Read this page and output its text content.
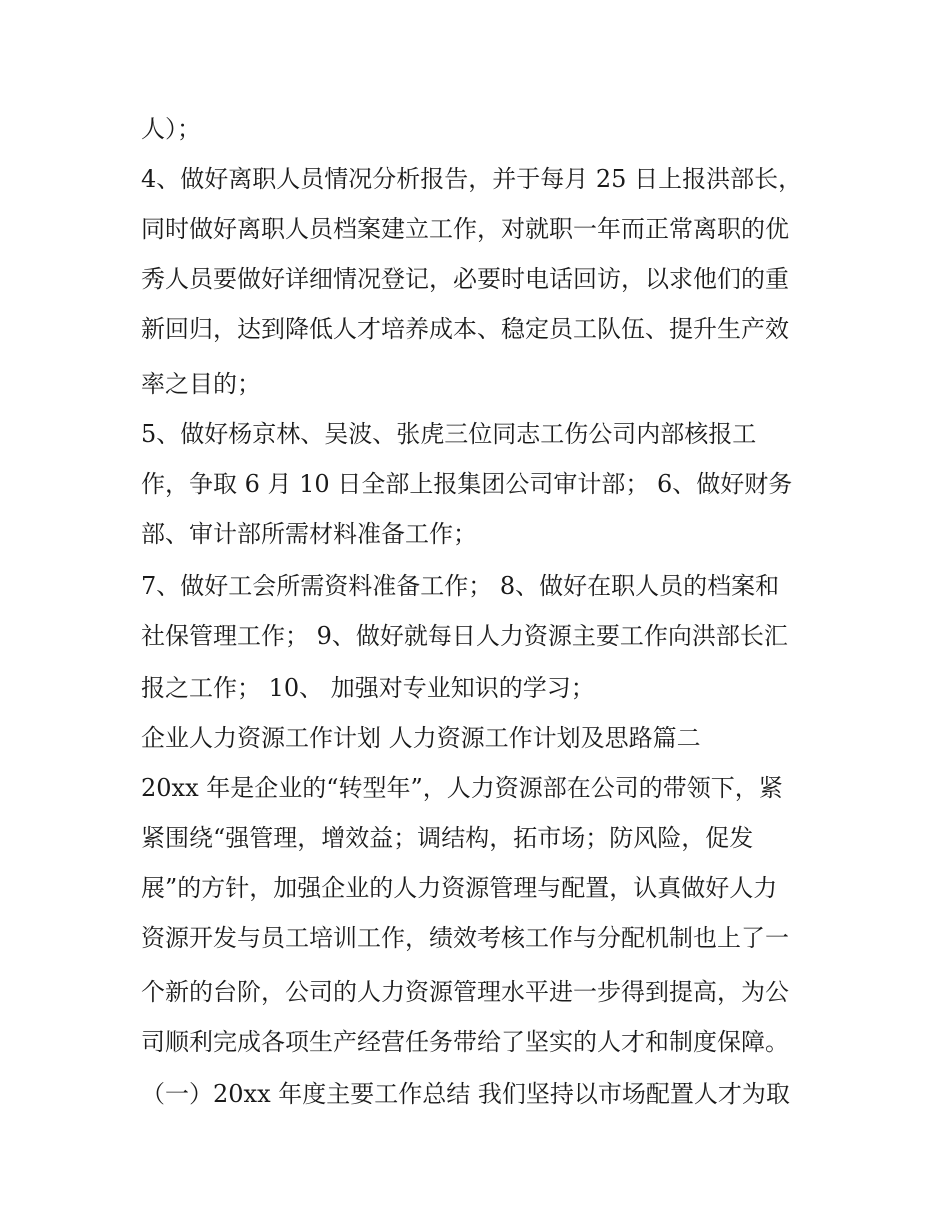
人）；
4、做好离职人员情况分析报告，并于每月 25 日上报洪部长，
同时做好离职人员档案建立工作，对就职一年而正常离职的优
秀人员要做好详细情况登记，必要时电话回访，以求他们的重
新回归，达到降低人才培养成本、稳定员工队伍、提升生产效
率之目的；
5、做好杨京林、吴波、张虎三位同志工伤公司内部核报工
作，争取 6 月 10 日全部上报集团公司审计部； 6、做好财务
部、审计部所需材料准备工作；
7、做好工会所需资料准备工作； 8、做好在职人员的档案和
社保管理工作； 9、做好就每日人力资源主要工作向洪部长汇
报之工作； 10、 加强对专业知识的学习；
企业人力资源工作计划 人力资源工作计划及思路篇二
20xx 年是企业的“转型年”，人力资源部在公司的带领下，紧
紧围绕“强管理，增效益；调结构，拓市场；防风险，促发
展”的方针，加强企业的人力资源管理与配置，认真做好人力
资源开发与员工培训工作，绩效考核工作与分配机制也上了一
个新的台阶，公司的人力资源管理水平进一步得到提高，为公
司顺利完成各项生产经营任务带给了坚实的人才和制度保障。
（一）20xx 年度主要工作总结 我们坚持以市场配置人才为取
